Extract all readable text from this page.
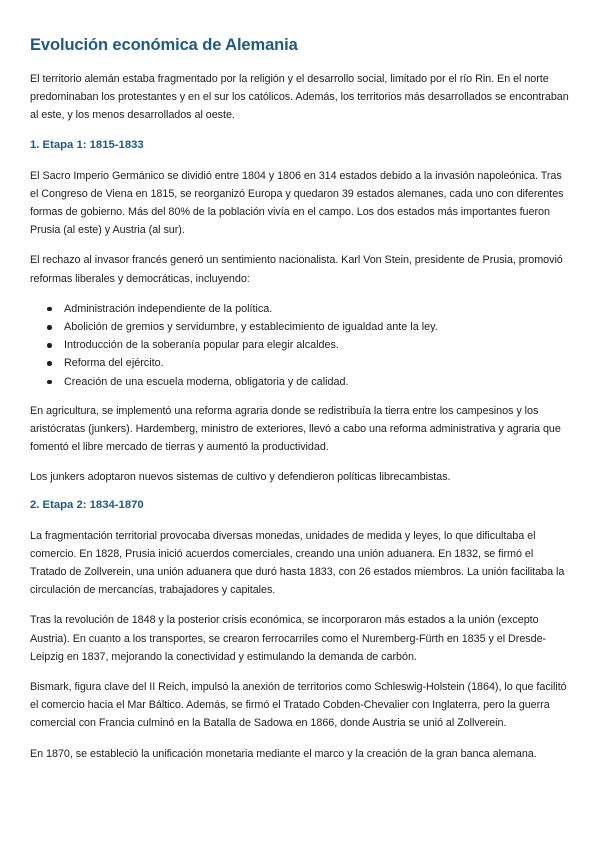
Evolución económica de Alemania

El territorio alemán estaba fragmentado por la religión y el desarrollo social, limitado por el río Rin. En el norte predominaban los protestantes y en el sur los católicos. Además, los territorios más desarrollados se encontraban al este, y los menos desarrollados al oeste.

1. Etapa 1: 1815-1833

El Sacro Imperio Germánico se dividió entre 1804 y 1806 en 314 estados debido a la invasión napoleónica. Tras el Congreso de Viena en 1815, se reorganizó Europa y quedaron 39 estados alemanes, cada uno con diferentes formas de gobierno. Más del 80% de la población vivía en el campo. Los dos estados más importantes fueron Prusia (al este) y Austria (al sur).

El rechazo al invasor francés generó un sentimiento nacionalista. Karl Von Stein, presidente de Prusia, promovió reformas liberales y democráticas, incluyendo:

Administración independiente de la política.
Abolición de gremios y servidumbre, y establecimiento de igualdad ante la ley.
Introducción de la soberanía popular para elegir alcaldes.
Reforma del ejército.
Creación de una escuela moderna, obligatoria y de calidad.

En agricultura, se implementó una reforma agraria donde se redistribuía la tierra entre los campesinos y los aristócratas (junkers). Hardemberg, ministro de exteriores, llevó a cabo una reforma administrativa y agraria que fomentó el libre mercado de tierras y aumentó la productividad.

Los junkers adoptaron nuevos sistemas de cultivo y defendieron políticas librecambistas.

2. Etapa 2: 1834-1870

La fragmentación territorial provocaba diversas monedas, unidades de medida y leyes, lo que dificultaba el comercio. En 1828, Prusia inició acuerdos comerciales, creando una unión aduanera. En 1832, se firmó el Tratado de Zollverein, una unión aduanera que duró hasta 1833, con 26 estados miembros. La unión facilitaba la circulación de mercancías, trabajadores y capitales.

Tras la revolución de 1848 y la posterior crisis económica, se incorporaron más estados a la unión (excepto Austria). En cuanto a los transportes, se crearon ferrocarriles como el Nuremberg-Fürth en 1835 y el Dresde-Leipzig en 1837, mejorando la conectividad y estimulando la demanda de carbón.

Bismark, figura clave del II Reich, impulsó la anexión de territorios como Schleswig-Holstein (1864), lo que facilitó el comercio hacia el Mar Báltico. Además, se firmó el Tratado Cobden-Chevalier con Inglaterra, pero la guerra comercial con Francia culminó en la Batalla de Sadowa en 1866, donde Austria se unió al Zollverein.

En 1870, se estableció la unificación monetaria mediante el marco y la creación de la gran banca alemana.
